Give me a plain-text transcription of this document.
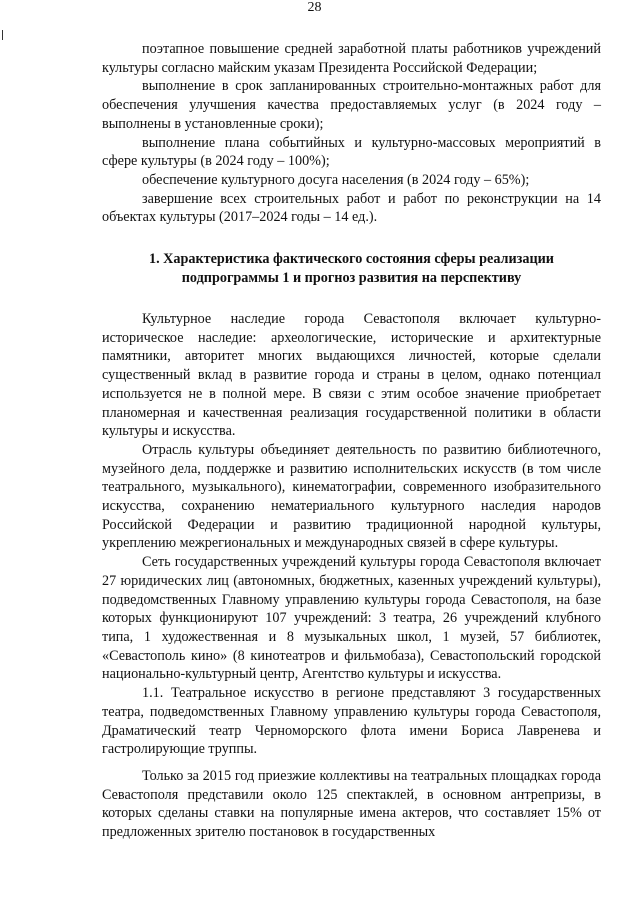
28

поэтапное повышение средней заработной платы работников учреждений культуры согласно майским указам Президента Российской Федерации;

выполнение в срок запланированных строительно-монтажных работ для обеспечения улучшения качества предоставляемых услуг (в 2024 году – выполнены в установленные сроки);

выполнение плана событийных и культурно-массовых мероприятий в сфере культуры (в 2024 году – 100%);

обеспечение культурного досуга населения (в 2024 году – 65%);

завершение всех строительных работ и работ по реконструкции на 14 объектах культуры (2017–2024 годы – 14 ед.).

1. Характеристика фактического состояния сферы реализации
подпрограммы 1 и прогноз развития на перспективу

Культурное наследие города Севастополя включает культурно-историческое наследие: археологические, исторические и архитектурные памятники, авторитет многих выдающихся личностей, которые сделали существенный вклад в развитие города и страны в целом, однако потенциал используется не в полной мере. В связи с этим особое значение приобретает планомерная и качественная реализация государственной политики в области культуры и искусства.

Отрасль культуры объединяет деятельность по развитию библиотечного, музейного дела, поддержке и развитию исполнительских искусств (в том числе театрального, музыкального), кинематографии, современного изобразительного искусства, сохранению нематериального культурного наследия народов Российской Федерации и развитию традиционной народной культуры, укреплению межрегиональных и международных связей в сфере культуры.

Сеть государственных учреждений культуры города Севастополя включает 27 юридических лиц (автономных, бюджетных, казенных учреждений культуры), подведомственных Главному управлению культуры города Севастополя, на базе которых функционируют 107 учреждений: 3 театра, 26 учреждений клубного типа, 1 художественная и 8 музыкальных школ, 1 музей, 57 библиотек, «Севастополь кино» (8 кинотеатров и фильмобаза), Севастопольский городской национально-культурный центр, Агентство культуры и искусства.

1.1. Театральное искусство в регионе представляют 3 государственных театра, подведомственных Главному управлению культуры города Севастополя, Драматический театр Черноморского флота имени Бориса Лавренева и гастролирующие труппы.

Только за 2015 год приезжие коллективы на театральных площадках города Севастополя представили около 125 спектаклей, в основном антрепризы, в которых сделаны ставки на популярные имена актеров, что составляет 15% от предложенных зрителю постановок в государственных
